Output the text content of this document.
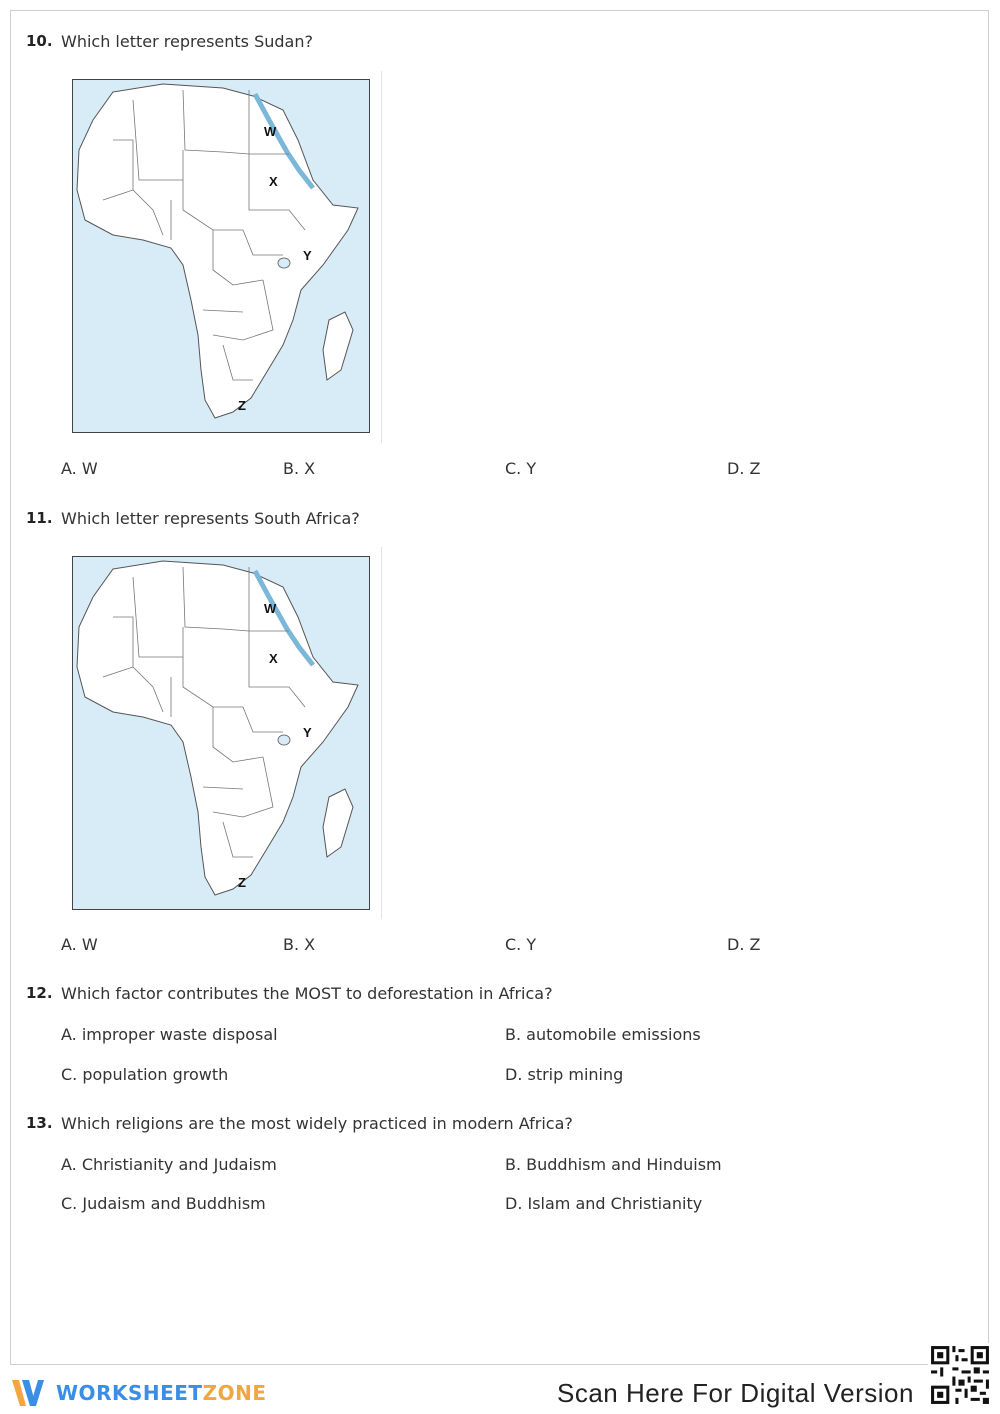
10. Which letter represents Sudan?
W
X
Y
Z
A. W	B. X	C. Y	D. Z
11. Which letter represents South Africa?
W
X
Y
Z
A. W	B. X	C. Y	D. Z
12. Which factor contributes the MOST to deforestation in Africa?
A. improper waste disposal	B. automobile emissions
C. population growth	D. strip mining
13. Which religions are the most widely practiced in modern Africa?
A. Christianity and Judaism	B. Buddhism and Hinduism
C. Judaism and Buddhism	D. Islam and Christianity
WORKSHEETZONE	Scan Here For Digital Version
